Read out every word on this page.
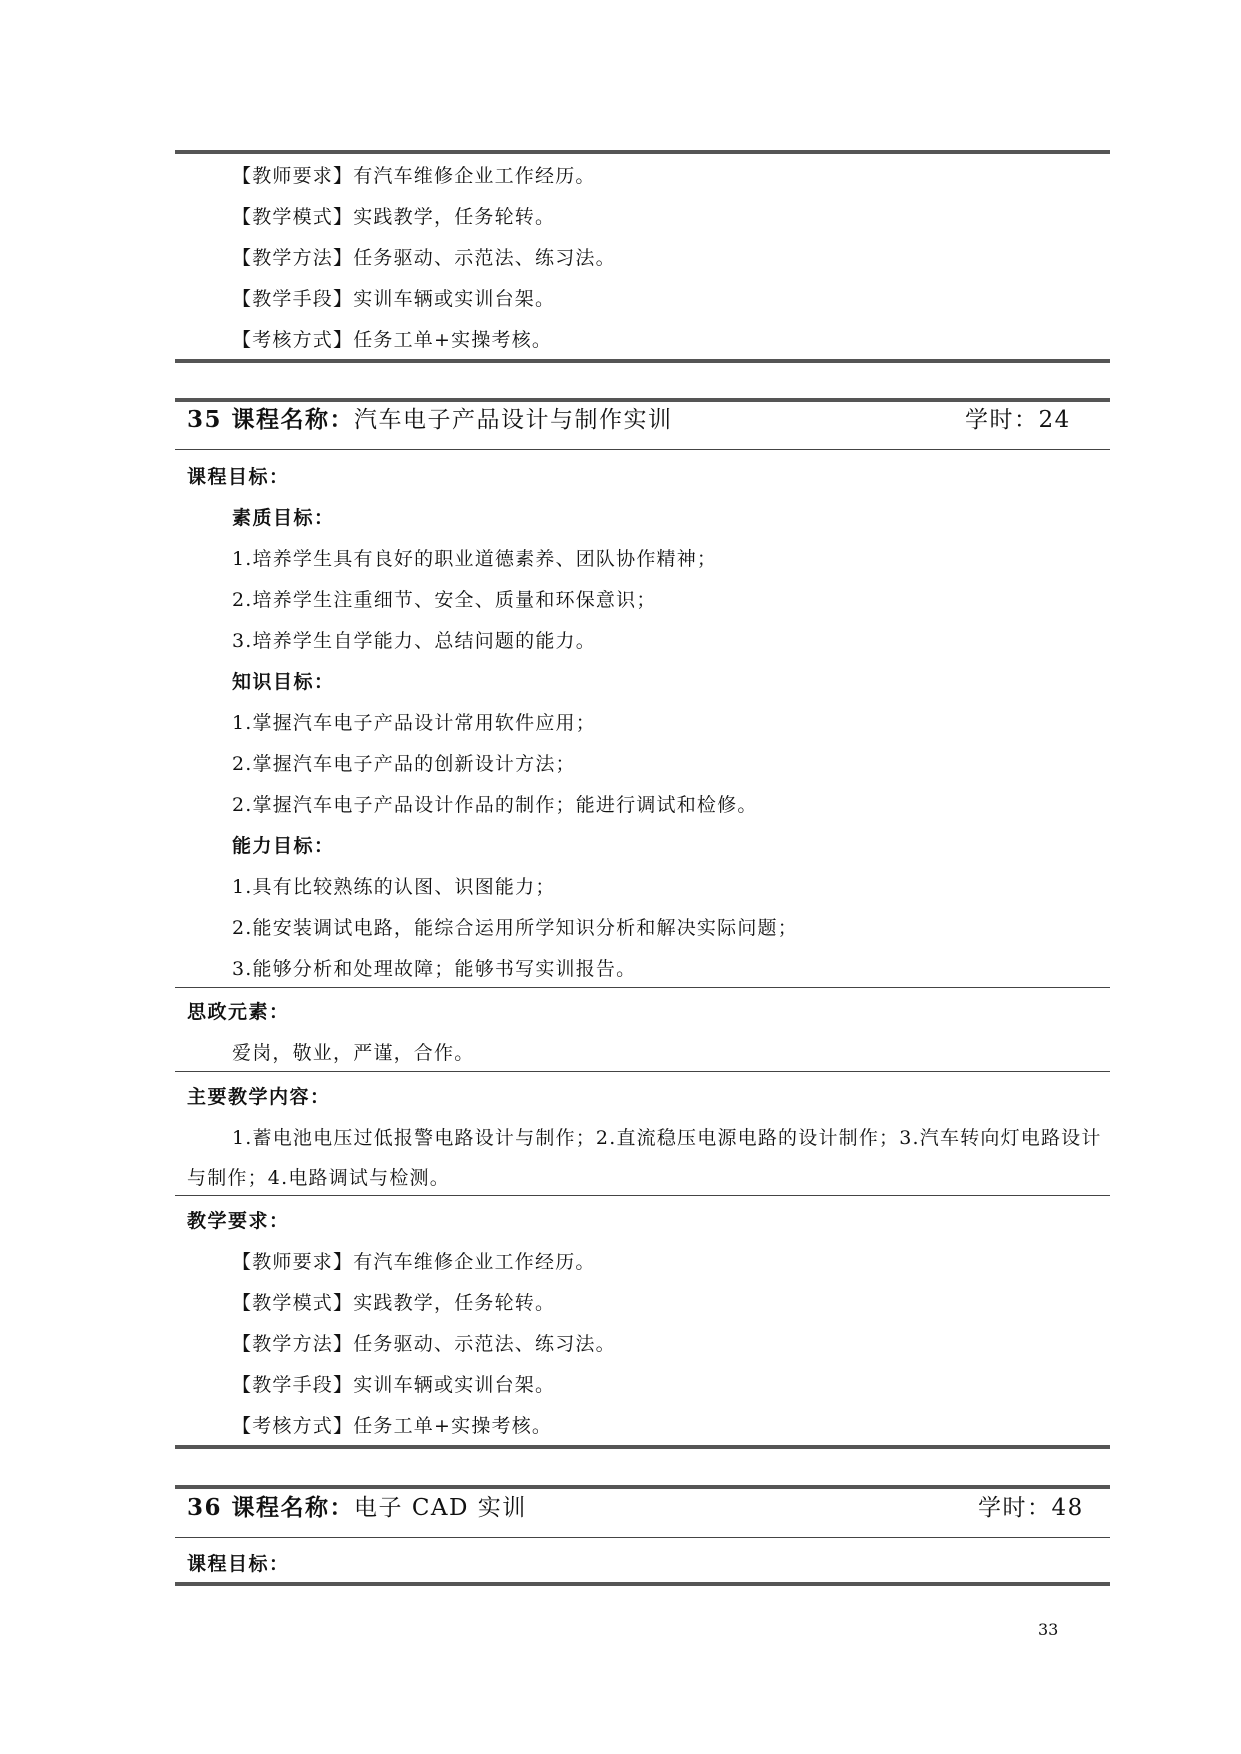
【教师要求】有汽车维修企业工作经历。
【教学模式】实践教学，任务轮转。
【教学方法】任务驱动、示范法、练习法。
【教学手段】实训车辆或实训台架。
【考核方式】任务工单+实操考核。
35 课程名称：汽车电子产品设计与制作实训	学时：24
课程目标：
素质目标：
1.培养学生具有良好的职业道德素养、团队协作精神；
2.培养学生注重细节、安全、质量和环保意识；
3.培养学生自学能力、总结问题的能力。
知识目标：
1.掌握汽车电子产品设计常用软件应用；
2.掌握汽车电子产品的创新设计方法；
2.掌握汽车电子产品设计作品的制作；能进行调试和检修。
能力目标：
1.具有比较熟练的认图、识图能力；
2.能安装调试电路，能综合运用所学知识分析和解决实际问题；
3.能够分析和处理故障；能够书写实训报告。
思政元素：
爱岗，敬业，严谨，合作。
主要教学内容：
1.蓄电池电压过低报警电路设计与制作；2.直流稳压电源电路的设计制作；3.汽车转向灯电路设计与制作；4.电路调试与检测。
教学要求：
【教师要求】有汽车维修企业工作经历。
【教学模式】实践教学，任务轮转。
【教学方法】任务驱动、示范法、练习法。
【教学手段】实训车辆或实训台架。
【考核方式】任务工单+实操考核。
36 课程名称：电子 CAD 实训	学时：48
课程目标：
33
